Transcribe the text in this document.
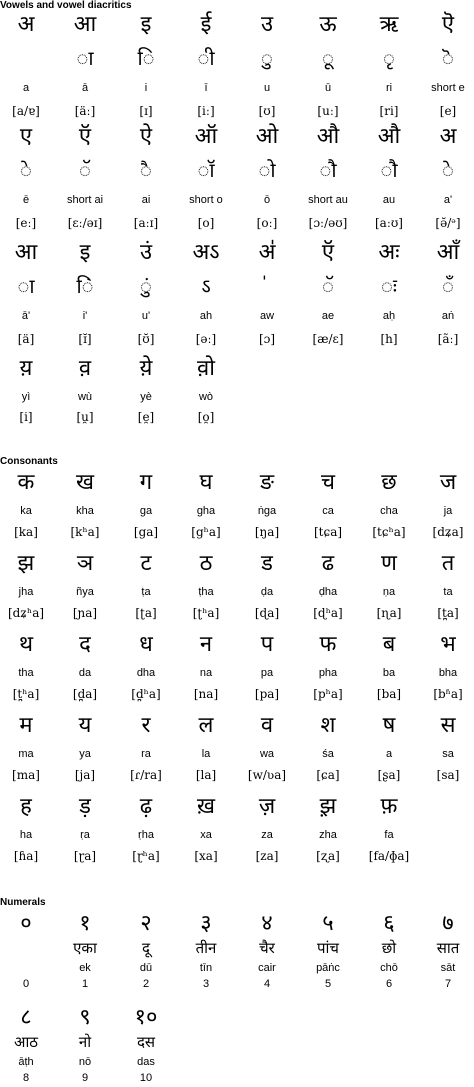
Vowels and vowel diacritics
अ
a
[a/ɐ]
आ
ा
ā
[äː]
इ
ि
i
[ɪ]
ई
ी
ī
[iː]
उ
ु
u
[ʊ]
ऊ
ू
ū
[uː]
ऋ
ृ
ri
[ri]
ऎ
ॆ
short e
[e]
ए
े
ē
[eː]
ऍ
ॅ
short ai
[ɛː/əɪ]
ऐ
ै
ai
[aːɪ]
ऑ
ॉ
short o
[o]
ओ
ो
ō
[oː]
औ
ौ
short au
[ɔː/əʊ]
औ
ौ
au
[aːʊ]
अ
े
a'
[ə̆/ᵊ]
आ
ा
ā'
[ä]
इ
िं
i'
[ɪ̆]
उं
ुं
u'
[ʊ̆]
अऽ
ऽ
ah
[əː]
अ॑
aw
[ɔ]
ऍ
ॅ
ae
[æ/ɛ]
अः
ः
aḥ
[h]
आँ
ँ
aṅ
[ãː]
य़
yì
[i]
व़
wù
[u̯]
य़े
yè
[e̯]
व़ो
wò
[o̯]
Consonants
क
ka
[ka]
ख
kha
[kʰa]
ग
ga
[ga]
घ
gha
[gʰa]
ङ
ṅga
[ŋa]
च
ca
[tɕa]
छ
cha
[tɕʰa]
ज
ja
[dʑa]
झ
jha
[dʑʰa]
ञ
ñya
[ɲa]
ट
ṭa
[ʈa]
ठ
ṭha
[ʈʰa]
ड
ḍa
[ɖa]
ढ
ḍha
[ɖʰa]
ण
ṇa
[ɳa]
त
ta
[t̪a]
थ
tha
[t̪ʰa]
द
da
[d̪a]
ध
dha
[d̪ʰa]
न
na
[na]
प
pa
[pa]
फ
pha
[pʰa]
ब
ba
[ba]
भ
bha
[bʱa]
म
ma
[ma]
य
ya
[ja]
र
ra
[ɾ/ra]
ल
la
[la]
व
wa
[w/ʋa]
श
śa
[ɕa]
ष
a
[ʂa]
स
sa
[sa]
ह
ha
[ɦa]
ड़
ṛa
[ɽa]
ढ़
ṛha
[ɽʰa]
ख़
xa
[xa]
ज़
za
[za]
झ़
zha
[ʐa]
फ़
fa
[fa/ɸa]
Numerals
०
0
१
एका
ek
1
२
दू
dū
2
३
तीन
tīn
3
४
चैर
cair
4
५
पांच
pāṅc
5
६
छो
chō
6
७
सात
sāt
7
८
आठ
āṭh
8
९
नो
nō
9
१०
दस
das
10
